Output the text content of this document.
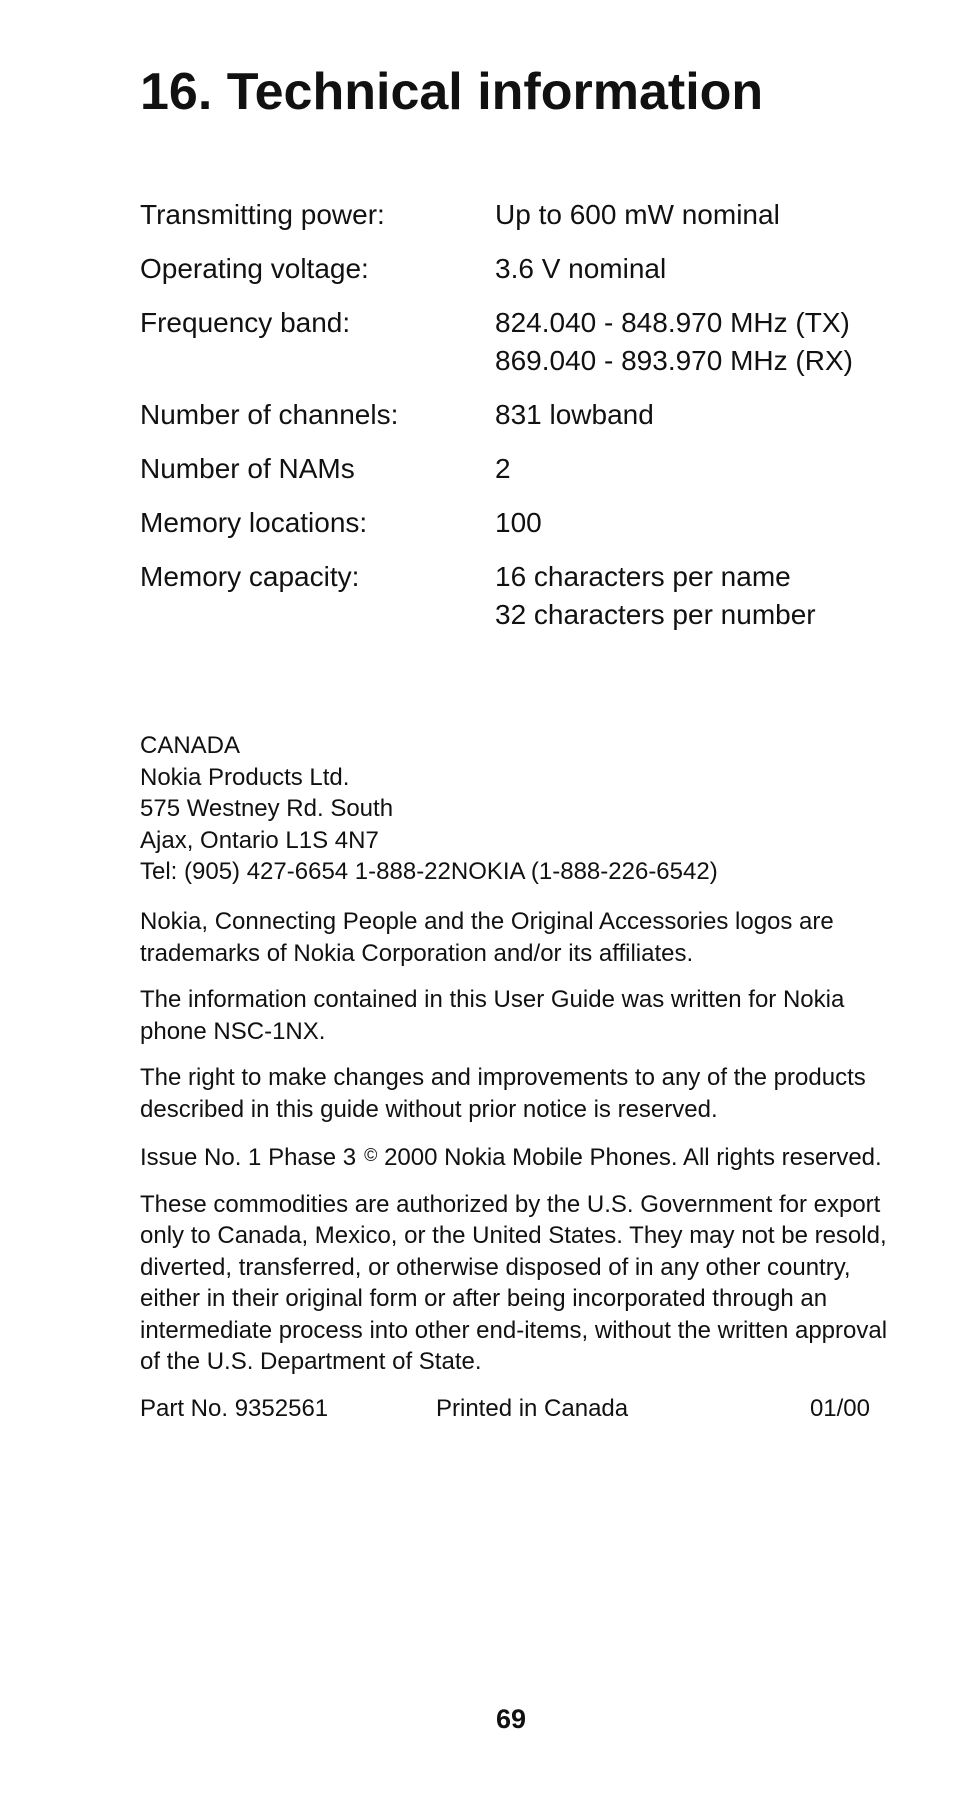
16. Technical information
Transmitting power:	Up to 600 mW nominal
Operating voltage:	3.6 V nominal
Frequency band:	824.040 - 848.970 MHz (TX)
869.040 - 893.970 MHz (RX)
Number of channels:	831 lowband
Number of NAMs	2
Memory locations:	100
Memory capacity:	16 characters per name
32 characters per number
CANADA
Nokia Products Ltd.
575 Westney Rd. South
Ajax, Ontario L1S 4N7
Tel: (905) 427-6654 1-888-22NOKIA (1-888-226-6542)

Nokia, Connecting People and the Original Accessories logos are trademarks of Nokia Corporation and/or its affiliates.

The information contained in this User Guide was written for Nokia phone NSC-1NX.

The right to make changes and improvements to any of the products described in this guide without prior notice is reserved.

Issue No. 1 Phase 3 © 2000 Nokia Mobile Phones. All rights reserved.

These commodities are authorized by the U.S. Government for export only to Canada, Mexico, or the United States. They may not be resold, diverted, transferred, or otherwise disposed of in any other country, either in their original form or after being incorporated through an intermediate process into other end-items, without the written approval of the U.S. Department of State.

Part No. 9352561	Printed in Canada	01/00
69
